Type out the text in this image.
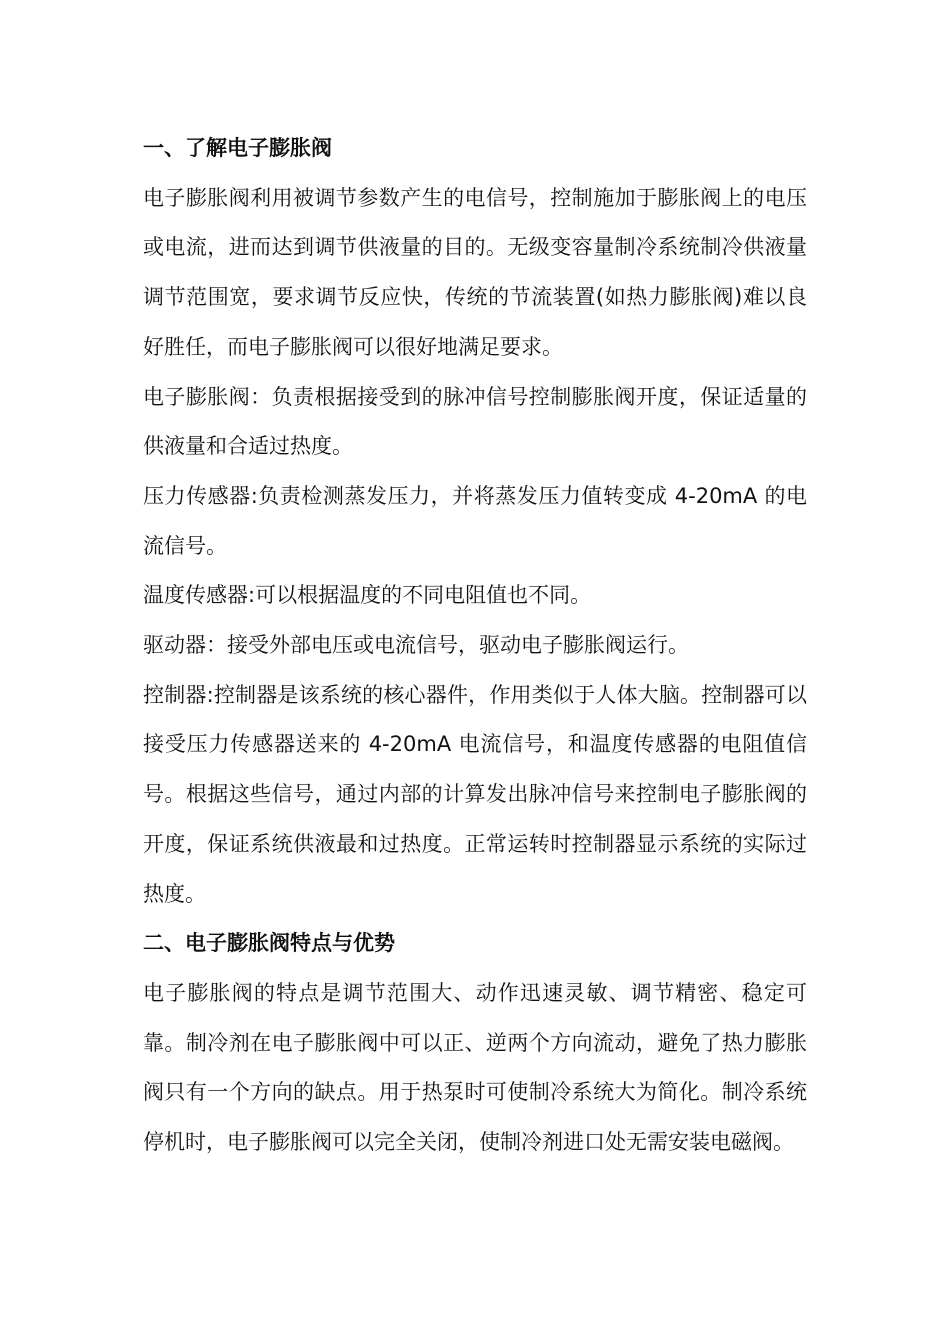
一、了解电子膨胀阀

电子膨胀阀利用被调节参数产生的电信号，控制施加于膨胀阀上的电压或电流，进而达到调节供液量的目的。无级变容量制冷系统制冷供液量调节范围宽，要求调节反应快，传统的节流装置(如热力膨胀阀)难以良好胜任，而电子膨胀阀可以很好地满足要求。

电子膨胀阀：负责根据接受到的脉冲信号控制膨胀阀开度，保证适量的供液量和合适过热度。

压力传感器:负责检测蒸发压力，并将蒸发压力值转变成 4-20mA 的电流信号。

温度传感器:可以根据温度的不同电阻值也不同。

驱动器：接受外部电压或电流信号，驱动电子膨胀阀运行。

控制器:控制器是该系统的核心器件，作用类似于人体大脑。控制器可以接受压力传感器送来的 4-20mA 电流信号，和温度传感器的电阻值信号。根据这些信号，通过内部的计算发出脉冲信号来控制电子膨胀阀的开度，保证系统供液最和过热度。正常运转时控制器显示系统的实际过热度。

二、电子膨胀阀特点与优势

电子膨胀阀的特点是调节范围大、动作迅速灵敏、调节精密、稳定可靠。制冷剂在电子膨胀阀中可以正、逆两个方向流动，避免了热力膨胀阀只有一个方向的缺点。用于热泵时可使制冷系统大为简化。制冷系统停机时，电子膨胀阀可以完全关闭，使制冷剂进口处无需安装电磁阀。
